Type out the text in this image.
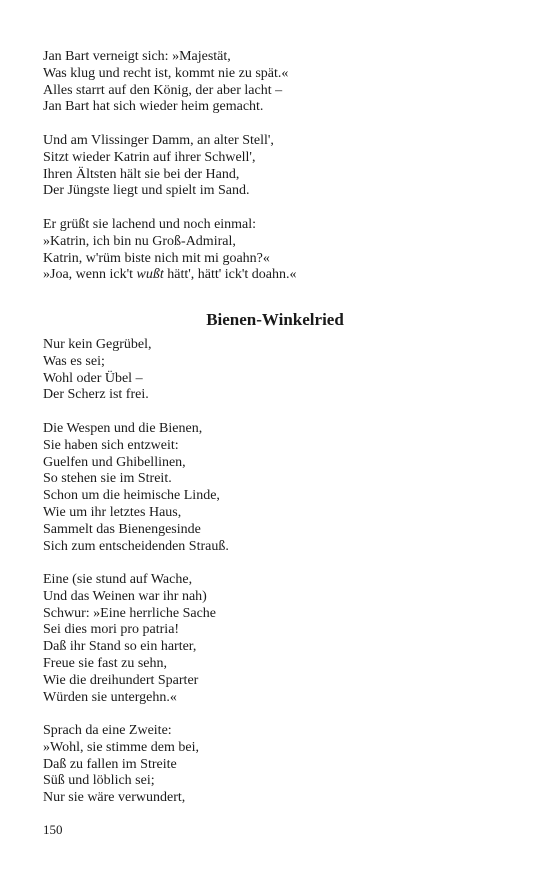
Jan Bart verneigt sich: »Majestät,
Was klug und recht ist, kommt nie zu spät.«
Alles starrt auf den König, der aber lacht –
Jan Bart hat sich wieder heim gemacht.
Und am Vlissinger Damm, an alter Stell',
Sitzt wieder Katrin auf ihrer Schwell',
Ihren Ältsten hält sie bei der Hand,
Der Jüngste liegt und spielt im Sand.
Er grüßt sie lachend und noch einmal:
»Katrin, ich bin nu Groß-Admiral,
Katrin, w'rüm biste nich mit mi goahn?«
»Joa, wenn ick't wußt hätt', hätt' ick't doahn.«
Bienen-Winkelried
Nur kein Gegrübel,
Was es sei;
Wohl oder Übel –
Der Scherz ist frei.
Die Wespen und die Bienen,
Sie haben sich entzweit:
Guelfen und Ghibellinen,
So stehen sie im Streit.
Schon um die heimische Linde,
Wie um ihr letztes Haus,
Sammelt das Bienengesinde
Sich zum entscheidenden Strauß.
Eine (sie stund auf Wache,
Und das Weinen war ihr nah)
Schwur: »Eine herrliche Sache
Sei dies mori pro patria!
Daß ihr Stand so ein harter,
Freue sie fast zu sehn,
Wie die dreihundert Sparter
Würden sie untergehn.«
Sprach da eine Zweite:
»Wohl, sie stimme dem bei,
Daß zu fallen im Streite
Süß und löblich sei;
Nur sie wäre verwundert,
150
